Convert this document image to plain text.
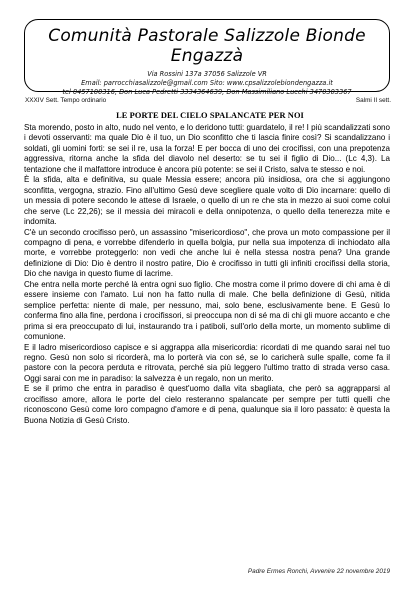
Comunità Pastorale Salizzole Bionde Engazzà
Via Rossini 137a 37056 Salizzole VR
Email: parrocchiasalizzole@gmail.com Sito: www.cpsalizzolebiondengazza.it
tel 0457100316, Don Luca Pedretti 3334364639, Don Massimiliano Lucchi 3470303367
XXXIV Sett. Tempo ordinario	Salmi II sett.
LE PORTE DEL CIELO SPALANCATE PER NOI

Sta morendo, posto in alto, nudo nel vento, e lo deridono tutti: guardatelo, il re! I più scandalizzati sono i devoti osservanti: ma quale Dio è il tuo, un Dio sconfitto che ti lascia finire così? Si scandalizzano i soldati, gli uomini forti: se sei il re, usa la forza! E per bocca di uno dei crocifissi, con una prepotenza aggressiva, ritorna anche la sfida del diavolo nel deserto: se tu sei il figlio di Dio... (Lc 4,3). La tentazione che il malfattore introduce è ancora più potente: se sei il Cristo, salva te stesso e noi.

È la sfida, alta e definitiva, su quale Messia essere; ancora più insidiosa, ora che si aggiungono sconfitta, vergogna, strazio. Fino all'ultimo Gesù deve scegliere quale volto di Dio incarnare: quello di un messia di potere secondo le attese di Israele, o quello di un re che sta in mezzo ai suoi come colui che serve (Lc 22,26); se il messia dei miracoli e della onnipotenza, o quello della tenerezza mite e indomita.

C'è un secondo crocifisso però, un assassino "misericordioso", che prova un moto compassione per il compagno di pena, e vorrebbe difenderlo in quella bolgia, pur nella sua impotenza di inchiodato alla morte, e vorrebbe proteggerlo: non vedi che anche lui è nella stessa nostra pena? Una grande definizione di Dio: Dio è dentro il nostro patire, Dio è crocifisso in tutti gli infiniti crocifissi della storia, Dio che naviga in questo fiume di lacrime.

Che entra nella morte perché là entra ogni suo figlio. Che mostra come il primo dovere di chi ama è di essere insieme con l'amato. Lui non ha fatto nulla di male. Che bella definizione di Gesù, nitida semplice perfetta: niente di male, per nessuno, mai, solo bene, esclusivamente bene. E Gesù lo conferma fino alla fine, perdona i crocifissori, si preoccupa non di sé ma di chi gli muore accanto e che prima si era preoccupato di lui, instaurando tra i patiboli, sull'orlo della morte, un momento sublime di comunione.

E il ladro misericordioso capisce e si aggrappa alla misericordia: ricordati di me quando sarai nel tuo regno. Gesù non solo si ricorderà, ma lo porterà via con sé, se lo caricherà sulle spalle, come fa il pastore con la pecora perduta e ritrovata, perché sia più leggero l'ultimo tratto di strada verso casa. Oggi sarai con me in paradiso: la salvezza è un regalo, non un merito.

E se il primo che entra in paradiso è quest'uomo dalla vita sbagliata, che però sa aggrapparsi al crocifisso amore, allora le porte del cielo resteranno spalancate per sempre per tutti quelli che riconoscono Gesù come loro compagno d'amore e di pena, qualunque sia il loro passato: è questa la Buona Notizia di Gesù Cristo.

Padre Ermes Ronchi, Avvenire 22 novembre 2019
